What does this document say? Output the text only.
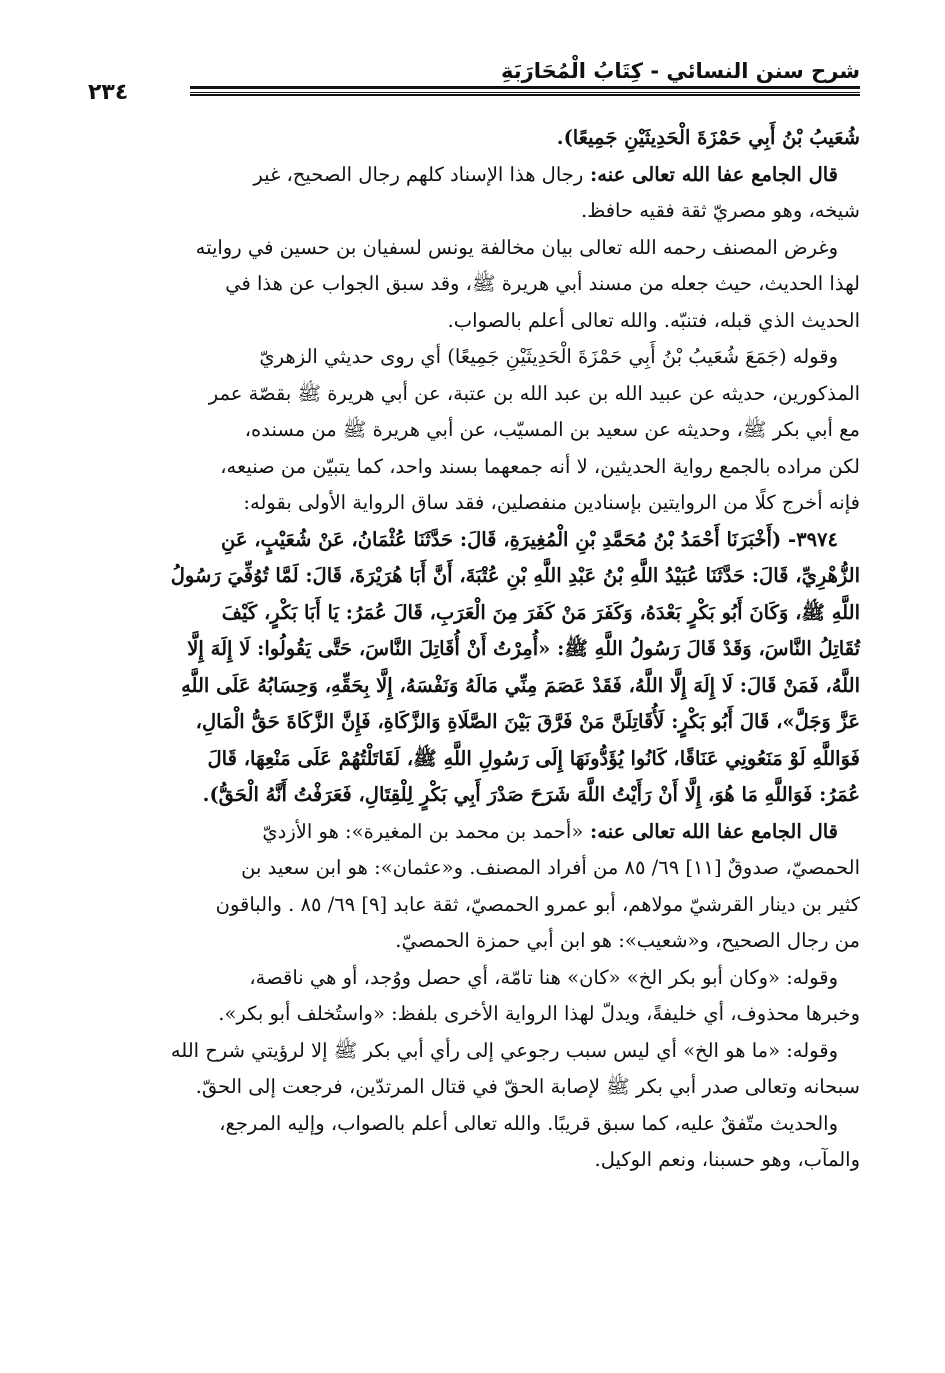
شرح سنن النسائي - كِتَابُ الْمُحَارَبَةِ
٢٣٤

شُعَيبُ بْنُ أَبِي حَمْزَةَ الْحَدِيثَيْنِ جَمِيعًا).

قال الجامع عفا الله تعالى عنه: رجال هذا الإسناد كلهم رجال الصحيح، غير
شيخه، وهو مصريّ ثقة فقيه حافظ.

وغرض المصنف رحمه الله تعالى بيان مخالفة يونس لسفيان بن حسين في روايته
لهذا الحديث، حيث جعله من مسند أبي هريرة ﷺ، وقد سبق الجواب عن هذا في
الحديث الذي قبله، فتنبّه. والله تعالى أعلم بالصواب.

وقوله (جَمَعَ شُعَيبُ بْنُ أَبِي حَمْزَةَ الْحَدِيثَيْنِ جَمِيعًا) أي روى حديثي الزهريّ
المذكورين، حديثه عن عبيد الله بن عبد الله بن عتبة، عن أبي هريرة ﷺ بقصّة عمر
مع أبي بكر ﷺ، وحديثه عن سعيد بن المسيّب، عن أبي هريرة ﷺ من مسنده،
لكن مراده بالجمع رواية الحديثين، لا أنه جمعهما بسند واحد، كما يتبيّن من صنيعه،
فإنه أخرج كلًا من الروايتين بإسنادين منفصلين، فقد ساق الرواية الأولى بقوله:

٣٩٧٤- (أَخْبَرَنَا أَحْمَدُ بْنُ مُحَمَّدِ بْنِ الْمُغِيرَةِ، قَالَ: حَدَّثَنَا عُثْمَانُ، عَنْ شُعَيْبٍ، عَنِ
الزُّهْرِيِّ، قَالَ: حَدَّثَنَا عُبَيْدُ اللَّهِ بْنُ عَبْدِ اللَّهِ بْنِ عُتْبَةَ، أَنَّ أَبَا هُرَيْرَةَ، قَالَ: لَمَّا تُوُفِّيَ رَسُولُ
اللَّهِ ﷺ، وَكَانَ أَبُو بَكْرٍ بَعْدَهُ، وَكَفَرَ مَنْ كَفَرَ مِنَ الْعَرَبِ، قَالَ عُمَرُ: يَا أَبَا بَكْرٍ، كَيْفَ
تُقَاتِلُ النَّاسَ، وَقَدْ قَالَ رَسُولُ اللَّهِ ﷺ: «أُمِرْتُ أَنْ أُقَاتِلَ النَّاسَ، حَتَّى يَقُولُوا: لَا إِلَهَ إِلَّا
اللَّهُ، فَمَنْ قَالَ: لَا إِلَهَ إِلَّا اللَّهُ، فَقَدْ عَصَمَ مِنِّي مَالَهُ وَنَفْسَهُ، إِلَّا بِحَقِّهِ، وَحِسَابُهُ عَلَى اللَّهِ
عَزَّ وَجَلَّ»، قَالَ أَبُو بَكْرٍ: لَأُقَاتِلَنَّ مَنْ فَرَّقَ بَيْنَ الصَّلَاةِ وَالزَّكَاةِ، فَإِنَّ الزَّكَاةَ حَقُّ الْمَالِ،
فَوَاللَّهِ لَوْ مَنَعُونِي عَنَاقًا، كَانُوا يُؤَدُّونَهَا إِلَى رَسُولِ اللَّهِ ﷺ، لَقَاتَلْتُهُمْ عَلَى مَنْعِهَا، قَالَ
عُمَرُ: فَوَاللَّهِ مَا هُوَ، إِلَّا أَنْ رَأَيْتُ اللَّهَ شَرَحَ صَدْرَ أَبِي بَكْرٍ لِلْقِتَالِ، فَعَرَفْتُ أَنَّهُ الْحَقُّ).

قال الجامع عفا الله تعالى عنه: «أحمد بن محمد بن المغيرة»: هو الأزديّ
الحمصيّ، صدوقٌ [١١] ٦٩/ ٨٥ من أفراد المصنف. و«عثمان»: هو ابن سعيد بن
كثير بن دينار القرشيّ مولاهم، أبو عمرو الحمصيّ، ثقة عابد [٩] ٦٩/ ٨٥ . والباقون
من رجال الصحيح، و«شعيب»: هو ابن أبي حمزة الحمصيّ.

وقوله: «وكان أبو بكر الخ» «كان» هنا تامّة، أي حصل ووُجد، أو هي ناقصة،
وخبرها محذوف، أي خليفةً، ويدلّ لهذا الرواية الأخرى بلفظ: «واستُخلف أبو بكر».

وقوله: «ما هو الخ» أي ليس سبب رجوعي إلى رأي أبي بكر ﷺ إلا لرؤيتي شرح الله
سبحانه وتعالى صدر أبي بكر ﷺ لإصابة الحقّ في قتال المرتدّين، فرجعت إلى الحقّ.

والحديث متّفقٌ عليه، كما سبق قريبًا. والله تعالى أعلم بالصواب، وإليه المرجع،
والمآب، وهو حسبنا، ونعم الوكيل.
